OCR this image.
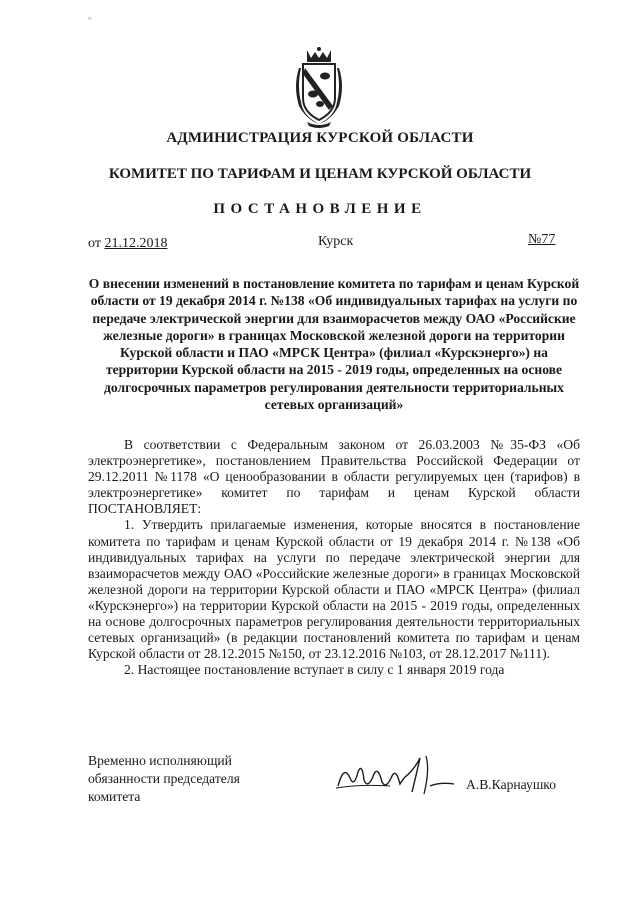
"
АДМИНИСТРАЦИЯ КУРСКОЙ ОБЛАСТИ
КОМИТЕТ ПО ТАРИФАМ И ЦЕНАМ КУРСКОЙ ОБЛАСТИ
ПОСТАНОВЛЕНИЕ
от 21.12.2018	Курск	№77
О внесении изменений в постановление комитета по тарифам и ценам Курской области от 19 декабря 2014 г. №138 «Об индивидуальных тарифах на услуги по передаче электрической энергии для взаиморасчетов между ОАО «Российские железные дороги» в границах Московской железной дороги на территории Курской области и ПАО «МРСК Центра» (филиал «Курскэнерго») на территории Курской области на 2015 - 2019 годы, определенных на основе долгосрочных параметров регулирования деятельности территориальных сетевых организаций»

В соответствии с Федеральным законом от 26.03.2003 №35-ФЗ «Об электроэнергетике», постановлением Правительства Российской Федерации от 29.12.2011 №1178 «О ценообразовании в области регулируемых цен (тарифов) в электроэнергетике» комитет по тарифам и ценам Курской области ПОСТАНОВЛЯЕТ:

1. Утвердить прилагаемые изменения, которые вносятся в постановление комитета по тарифам и ценам Курской области от 19 декабря 2014 г. №138 «Об индивидуальных тарифах на услуги по передаче электрической энергии для взаиморасчетов между ОАО «Российские железные дороги» в границах Московской железной дороги на территории Курской области и ПАО «МРСК Центра» (филиал «Курскэнерго») на территории Курской области на 2015 - 2019 годы, определенных на основе долгосрочных параметров регулирования деятельности территориальных сетевых организаций» (в редакции постановлений комитета по тарифам и ценам Курской области от 28.12.2015 №150, от 23.12.2016 №103, от 28.12.2017 №111).

2. Настоящее постановление вступает в силу с 1 января 2019 года

Временно исполняющий
обязанности председателя
комитета
А.В.Карнаушко
